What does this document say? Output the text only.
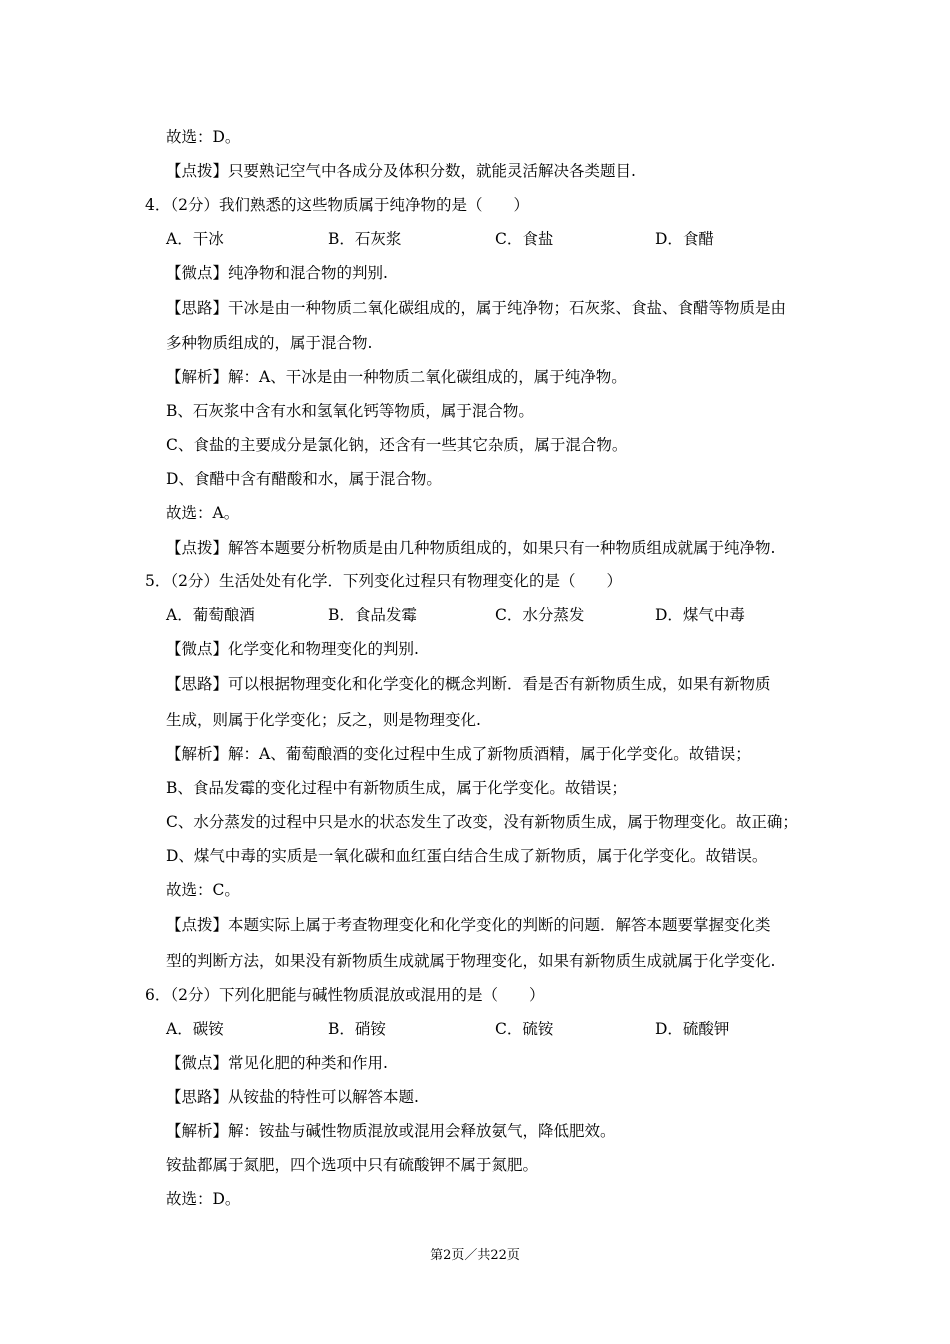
故选：D。
【点拨】只要熟记空气中各成分及体积分数，就能灵活解决各类题目.
4．（2分）我们熟悉的这些物质属于纯净物的是（　　）
A．干冰	B．石灰浆	C．食盐	D．食醋
【微点】纯净物和混合物的判别.
【思路】干冰是由一种物质二氧化碳组成的，属于纯净物；石灰浆、食盐、食醋等物质是由
多种物质组成的，属于混合物.
【解析】解：A、干冰是由一种物质二氧化碳组成的，属于纯净物。
B、石灰浆中含有水和氢氧化钙等物质，属于混合物。
C、食盐的主要成分是氯化钠，还含有一些其它杂质，属于混合物。
D、食醋中含有醋酸和水，属于混合物。
故选：A。
【点拨】解答本题要分析物质是由几种物质组成的，如果只有一种物质组成就属于纯净物.
5．（2分）生活处处有化学．下列变化过程只有物理变化的是（　　）
A．葡萄酿酒	B．食品发霉	C．水分蒸发	D．煤气中毒
【微点】化学变化和物理变化的判别.
【思路】可以根据物理变化和化学变化的概念判断．看是否有新物质生成，如果有新物质
生成，则属于化学变化；反之，则是物理变化.
【解析】解：A、葡萄酿酒的变化过程中生成了新物质酒精，属于化学变化。故错误；
B、食品发霉的变化过程中有新物质生成，属于化学变化。故错误；
C、水分蒸发的过程中只是水的状态发生了改变，没有新物质生成，属于物理变化。故正确；
D、煤气中毒的实质是一氧化碳和血红蛋白结合生成了新物质，属于化学变化。故错误。
故选：C。
【点拨】本题实际上属于考查物理变化和化学变化的判断的问题．解答本题要掌握变化类
型的判断方法，如果没有新物质生成就属于物理变化，如果有新物质生成就属于化学变化.
6．（2分）下列化肥能与碱性物质混放或混用的是（　　）
A．碳铵	B．硝铵	C．硫铵	D．硫酸钾
【微点】常见化肥的种类和作用.
【思路】从铵盐的特性可以解答本题.
【解析】解：铵盐与碱性物质混放或混用会释放氨气，降低肥效。
铵盐都属于氮肥，四个选项中只有硫酸钾不属于氮肥。
故选：D。
第2页／共22页
